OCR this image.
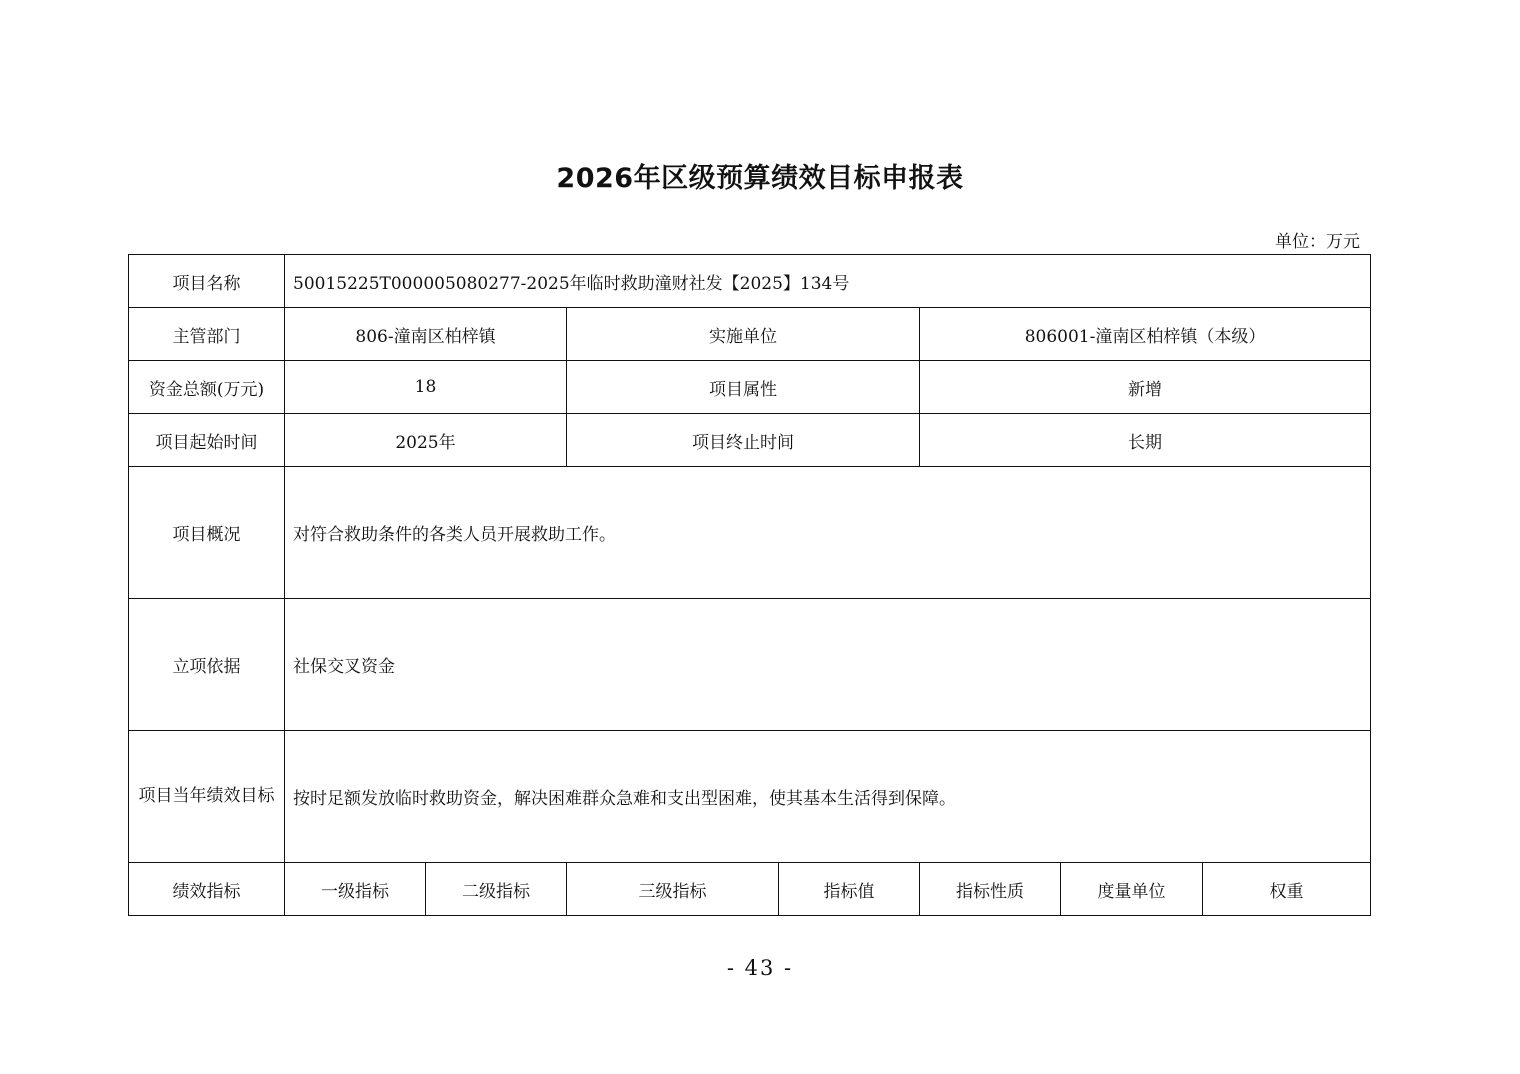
2026年区级预算绩效目标申报表
单位：万元
项目名称	50015225T000005080277-2025年临时救助潼财社发【2025】134号						
主管部门	806-潼南区柏梓镇		实施单位		806001-潼南区柏梓镇（本级）		
资金总额(万元)	18		项目属性		新增		
项目起始时间	2025年		项目终止时间		长期		
项目概况	对符合救助条件的各类人员开展救助工作。						
立项依据	社保交叉资金						
项目当年绩效目标	按时足额发放临时救助资金，解决困难群众急难和支出型困难，使其基本生活得到保障。						
绩效指标	一级指标	二级指标	三级指标	指标值	指标性质	度量单位	权重
- 43 -
